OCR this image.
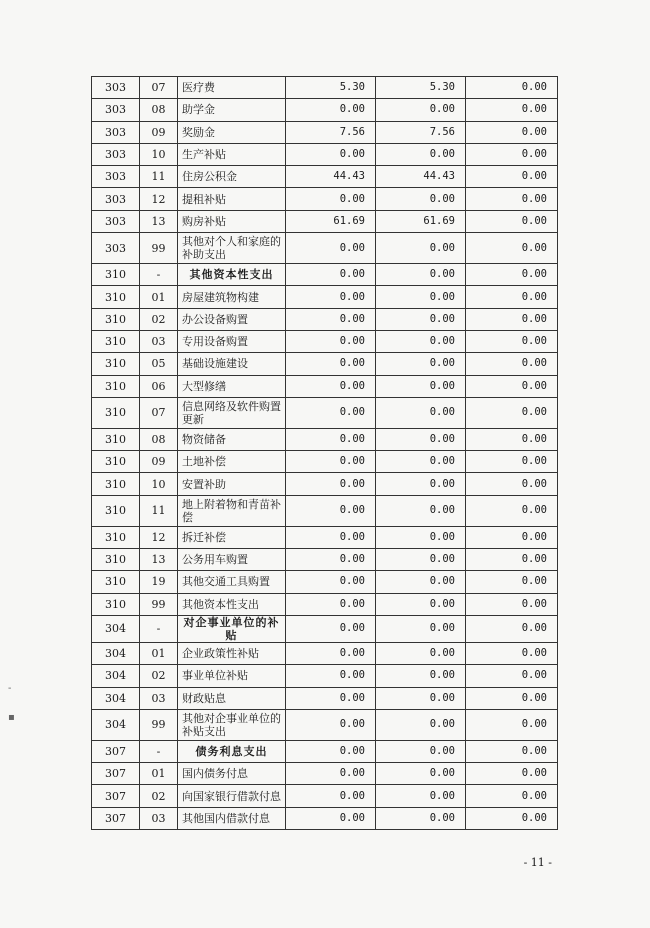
303	07	医疗费	5.30	5.30	0.00
303	08	助学金	0.00	0.00	0.00
303	09	奖励金	7.56	7.56	0.00
303	10	生产补贴	0.00	0.00	0.00
303	11	住房公积金	44.43	44.43	0.00
303	12	提租补贴	0.00	0.00	0.00
303	13	购房补贴	61.69	61.69	0.00
303	99	其他对个人和家庭的补助支出	0.00	0.00	0.00
310	-	其他资本性支出	0.00	0.00	0.00
310	01	房屋建筑物构建	0.00	0.00	0.00
310	02	办公设备购置	0.00	0.00	0.00
310	03	专用设备购置	0.00	0.00	0.00
310	05	基础设施建设	0.00	0.00	0.00
310	06	大型修缮	0.00	0.00	0.00
310	07	信息网络及软件购置更新	0.00	0.00	0.00
310	08	物资储备	0.00	0.00	0.00
310	09	土地补偿	0.00	0.00	0.00
310	10	安置补助	0.00	0.00	0.00
310	11	地上附着物和青苗补偿	0.00	0.00	0.00
310	12	拆迁补偿	0.00	0.00	0.00
310	13	公务用车购置	0.00	0.00	0.00
310	19	其他交通工具购置	0.00	0.00	0.00
310	99	其他资本性支出	0.00	0.00	0.00
304	-	对企事业单位的补贴	0.00	0.00	0.00
304	01	企业政策性补贴	0.00	0.00	0.00
304	02	事业单位补贴	0.00	0.00	0.00
304	03	财政贴息	0.00	0.00	0.00
304	99	其他对企事业单位的补贴支出	0.00	0.00	0.00
307	-	债务利息支出	0.00	0.00	0.00
307	01	国内债务付息	0.00	0.00	0.00
307	02	向国家银行借款付息	0.00	0.00	0.00
307	03	其他国内借款付息	0.00	0.00	0.00
-
▪
- 11 -
